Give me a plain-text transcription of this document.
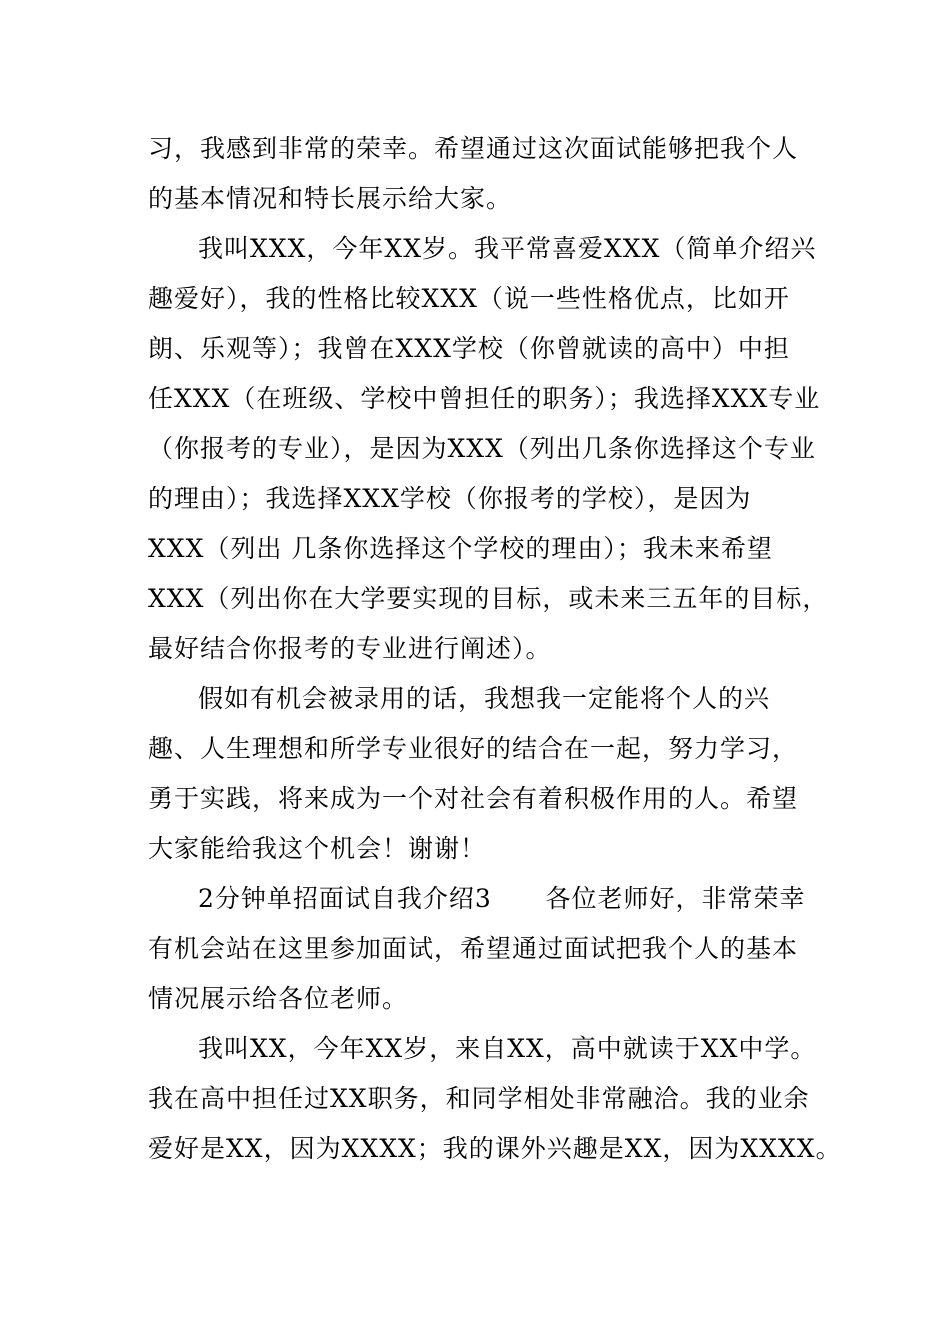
习，我感到非常的荣幸。希望通过这次面试能够把我个人
的基本情况和特长展示给大家。
我叫XXX，今年XX岁。我平常喜爱XXX（简单介绍兴
趣爱好），我的性格比较XXX（说一些性格优点，比如开
朗、乐观等）；我曾在XXX学校（你曾就读的高中）中担
任XXX（在班级、学校中曾担任的职务）；我选择XXX专业
（你报考的专业），是因为XXX（列出几条你选择这个专业
的理由）；我选择XXX学校（你报考的学校），是因为
XXX（列出 几条你选择这个学校的理由）；我未来希望
XXX（列出你在大学要实现的目标，或未来三五年的目标，
最好结合你报考的专业进行阐述）。
假如有机会被录用的话，我想我一定能将个人的兴
趣、人生理想和所学专业很好的结合在一起，努力学习，
勇于实践，将来成为一个对社会有着积极作用的人。希望
大家能给我这个机会！谢谢！
2分钟单招面试自我介绍3      各位老师好，非常荣幸
有机会站在这里参加面试，希望通过面试把我个人的基本
情况展示给各位老师。
我叫XX，今年XX岁，来自XX，高中就读于XX中学。
我在高中担任过XX职务，和同学相处非常融洽。我的业余
爱好是XX，因为XXXX；我的课外兴趣是XX，因为XXXX。
